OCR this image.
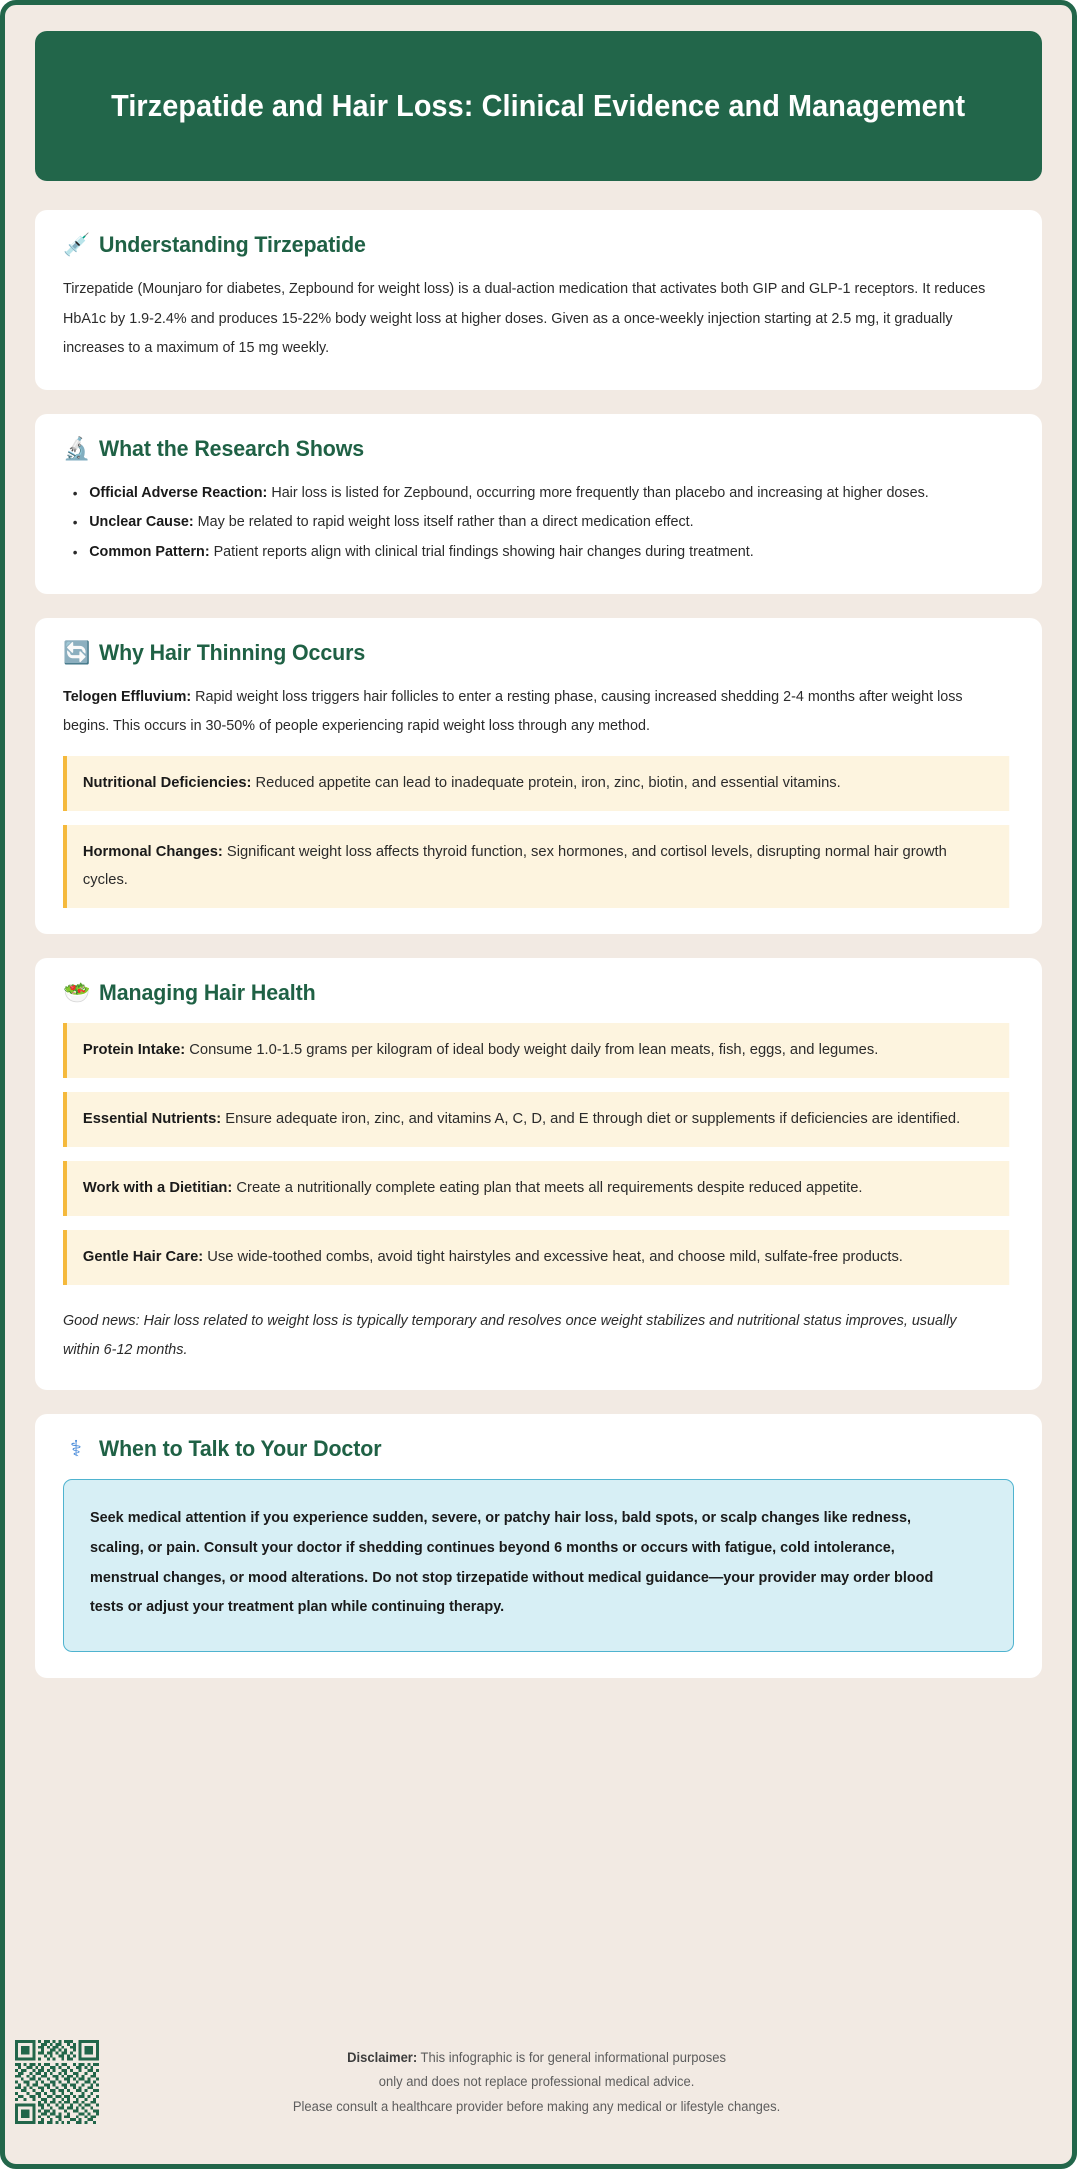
Tirzepatide and Hair Loss: Clinical Evidence and Management
💉 Understanding Tirzepatide

Tirzepatide (Mounjaro for diabetes, Zepbound for weight loss) is a dual-action medication that activates both GIP and GLP-1 receptors. It reduces HbA1c by 1.9-2.4% and produces 15-22% body weight loss at higher doses. Given as a once-weekly injection starting at 2.5 mg, it gradually increases to a maximum of 15 mg weekly.

🔬 What the Research Shows
• Official Adverse Reaction: Hair loss is listed for Zepbound, occurring more frequently than placebo and increasing at higher doses.
• Unclear Cause: May be related to rapid weight loss itself rather than a direct medication effect.
• Common Pattern: Patient reports align with clinical trial findings showing hair changes during treatment.
🔄 Why Hair Thinning Occurs

Telogen Effluvium: Rapid weight loss triggers hair follicles to enter a resting phase, causing increased shedding 2-4 months after weight loss begins. This occurs in 30-50% of people experiencing rapid weight loss through any method.

Nutritional Deficiencies: Reduced appetite can lead to inadequate protein, iron, zinc, biotin, and essential vitamins.
Hormonal Changes: Significant weight loss affects thyroid function, sex hormones, and cortisol levels, disrupting normal hair growth cycles.
🥗 Managing Hair Health
Protein Intake: Consume 1.0-1.5 grams per kilogram of ideal body weight daily from lean meats, fish, eggs, and legumes.
Essential Nutrients: Ensure adequate iron, zinc, and vitamins A, C, D, and E through diet or supplements if deficiencies are identified.
Work with a Dietitian: Create a nutritionally complete eating plan that meets all requirements despite reduced appetite.
Gentle Hair Care: Use wide-toothed combs, avoid tight hairstyles and excessive heat, and choose mild, sulfate-free products.

Good news: Hair loss related to weight loss is typically temporary and resolves once weight stabilizes and nutritional status improves, usually within 6-12 months.

⚕ When to Talk to Your Doctor

Seek medical attention if you experience sudden, severe, or patchy hair loss, bald spots, or scalp changes like redness, scaling, or pain. Consult your doctor if shedding continues beyond 6 months or occurs with fatigue, cold intolerance, menstrual changes, or mood alterations. Do not stop tirzepatide without medical guidance—your provider may order blood tests or adjust your treatment plan while continuing therapy.

Disclaimer: This infographic is for general informational purposes
only and does not replace professional medical advice.
Please consult a healthcare provider before making any medical or lifestyle changes.
